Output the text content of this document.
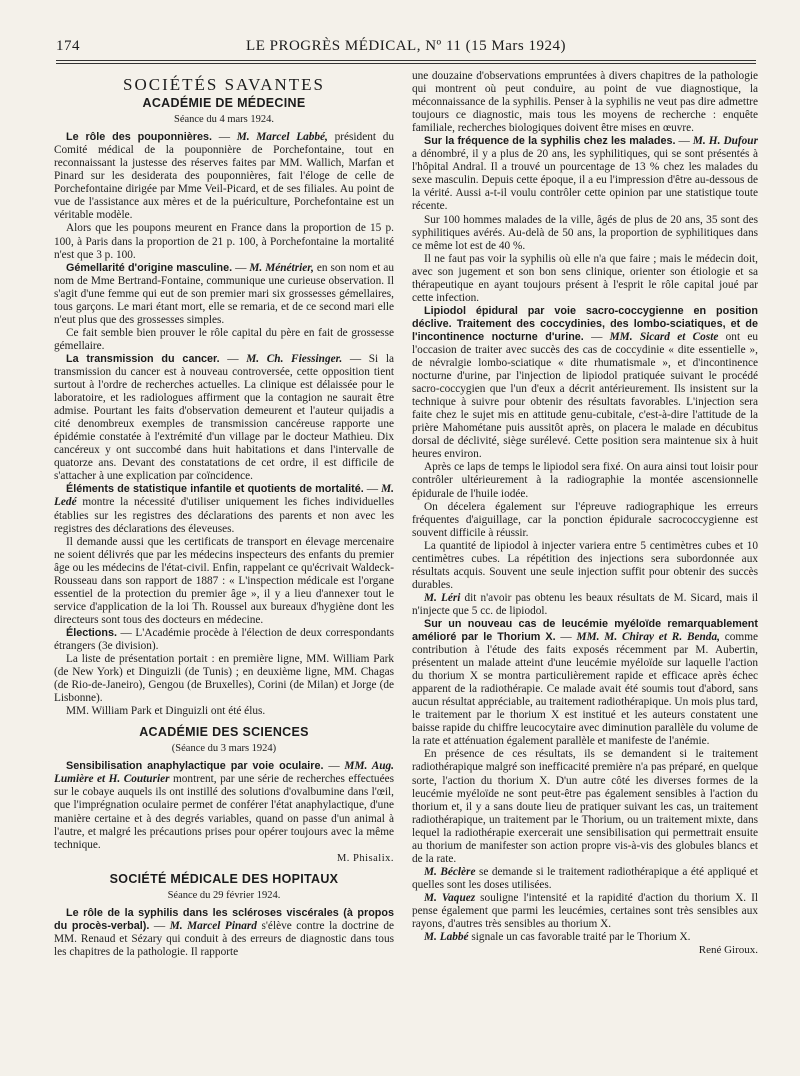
174	LE PROGRÈS MÉDICAL, Nº 11 (15 Mars 1924)
SOCIÉTÉS SAVANTES
ACADÉMIE DE MÉDECINE
Séance du 4 mars 1924.

Le rôle des pouponnières. — M. Marcel Labbé, président du Comité médical de la pouponnière de Porchefontaine, tout en reconnaissant la justesse des réserves faites par MM. Wallich, Marfan et Pinard sur les desiderata des pouponnières, fait l'éloge de celle de Porchefontaine dirigée par Mme Veil-Picard, et de ses filiales. Au point de vue de l'assistance aux mères et de la puériculture, Porchefontaine est un véritable modèle.

Alors que les poupons meurent en France dans la proportion de 15 p. 100, à Paris dans la proportion de 21 p. 100, à Porchefontaine la mortalité n'est que 3 p. 100.

Gémellarité d'origine masculine. — M. Ménétrier, en son nom et au nom de Mme Bertrand-Fontaine, communique une curieuse observation. Il s'agit d'une femme qui eut de son premier mari six grossesses gémellaires, tous garçons. Le mari étant mort, elle se remaria, et de ce second mari elle n'eut plus que des grossesses simples.

Ce fait semble bien prouver le rôle capital du père en fait de grossesse gémellaire.

La transmission du cancer. — M. Ch. Fiessinger. — Si la transmission du cancer est à nouveau controversée, cette opposition tient surtout à l'ordre de recherches actuelles. La clinique est délaissée pour le laboratoire, et les radiologues affirment que la contagion ne saurait être admise. Pourtant les faits d'observation demeurent et l'auteur quijadis a cité denombreux exemples de transmission cancéreuse rapporte une épidémie constatée à l'extrémité d'un village par le docteur Mathieu. Dix cancéreux y ont succombé dans huit habitations et dans l'intervalle de quatorze ans. Devant des constatations de cet ordre, il est difficile de s'attacher à une explication par coïncidence.

Éléments de statistique infantile et quotients de mortalité. — M. Ledé montre la nécessité d'utiliser uniquement les fiches individuelles établies sur les registres des déclarations des parents et non avec les registres des déclarations des éleveuses.

Il demande aussi que les certificats de transport en élevage mercenaire ne soient délivrés que par les médecins inspecteurs des enfants du premier âge ou les médecins de l'état-civil. Enfin, rappelant ce qu'écrivait Waldeck-Rousseau dans son rapport de 1887 : « L'inspection médicale est l'organe essentiel de la protection du premier âge », il y a lieu d'annexer tout le service d'application de la loi Th. Roussel aux bureaux d'hygiène dont les directeurs sont tous des docteurs en médecine.

Élections. — L'Académie procède à l'élection de deux correspondants étrangers (3e division).

La liste de présentation portait : en première ligne, MM. William Park (de New York) et Dinguizli (de Tunis) ; en deuxième ligne, MM. Chagas (de Rio-de-Janeiro), Gengou (de Bruxelles), Corini (de Milan) et Jorge (de Lisbonne).

MM. William Park et Dinguizli ont été élus.

ACADÉMIE DES SCIENCES
(Séance du 3 mars 1924)

Sensibilisation anaphylactique par voie oculaire. — MM. Aug. Lumière et H. Couturier montrent, par une série de recherches effectuées sur le cobaye auquels ils ont instillé des solutions d'ovalbumine dans l'œil, que l'imprégnation oculaire permet de conférer l'état anaphylactique, d'une manière certaine et à des degrés variables, quand on passe d'un animal à l'autre, et malgré les précautions prises pour opérer toujours avec la même technique.

M. Phisalix.
SOCIÉTÉ MÉDICALE DES HOPITAUX
Séance du 29 février 1924.

Le rôle de la syphilis dans les scléroses viscérales (à propos du procès-verbal). — M. Marcel Pinard s'élève contre la doctrine de MM. Renaud et Sézary qui conduit à des erreurs de diagnostic dans tous les chapitres de la pathologie. Il rapporte

une douzaine d'observations empruntées à divers chapitres de la pathologie qui montrent où peut conduire, au point de vue diagnostique, la méconnaissance de la syphilis. Penser à la syphilis ne veut pas dire admettre toujours ce diagnostic, mais tous les moyens de recherche : enquête familiale, recherches biologiques doivent être mises en œuvre.

Sur la fréquence de la syphilis chez les malades. — M. H. Dufour a dénombré, il y a plus de 20 ans, les syphilitiques, qui se sont présentés à l'hôpital Andral. Il a trouvé un pourcentage de 13 % chez les malades du sexe masculin. Depuis cette époque, il a eu l'impression d'être au-dessous de la vérité. Aussi a-t-il voulu contrôler cette opinion par une statistique toute récente.

Sur 100 hommes malades de la ville, âgés de plus de 20 ans, 35 sont des syphilitiques avérés. Au-delà de 50 ans, la proportion de syphilitiques dans ce même lot est de 40 %.

Il ne faut pas voir la syphilis où elle n'a que faire ; mais le médecin doit, avec son jugement et son bon sens clinique, orienter son étiologie et sa thérapeutique en ayant toujours présent à l'esprit le rôle capital joué par cette infection.

Lipiodol épidural par voie sacro-coccygienne en position déclive. Traitement des coccydinies, des lombo-sciatiques, et de l'incontinence nocturne d'urine. — MM. Sicard et Coste ont eu l'occasion de traiter avec succès des cas de coccydinie « dite essentielle », de névralgie lombo-sciatique « dite rhumatismale », et d'incontinence nocturne d'urine, par l'injection de lipiodol pratiquée suivant le procédé sacro-coccygien que l'un d'eux a décrit antérieurement. Ils insistent sur la technique à suivre pour obtenir des résultats favorables. L'injection sera faite chez le sujet mis en attitude genu-cubitale, c'est-à-dire l'attitude de la prière Mahométane puis aussitôt après, on placera le malade en décubitus dorsal de déclivité, siège surélevé. Cette position sera maintenue six à huit heures environ.

Après ce laps de temps le lipiodol sera fixé. On aura ainsi tout loisir pour contrôler ultérieurement à la radiographie la montée ascensionnelle épidurale de l'huile iodée.

On décelera également sur l'épreuve radiographique les erreurs fréquentes d'aiguillage, car la ponction épidurale sacrococcygienne est souvent difficile à réussir.

La quantité de lipiodol à injecter variera entre 5 centimètres cubes et 10 centimètres cubes. La répétition des injections sera subordonnée aux résultats acquis. Souvent une seule injection suffit pour obtenir des succès durables.

M. Léri dit n'avoir pas obtenu les beaux résultats de M. Sicard, mais il n'injecte que 5 cc. de lipiodol.

Sur un nouveau cas de leucémie myéloïde remarquablement amélioré par le Thorium X. — MM. M. Chiray et R. Benda, comme contribution à l'étude des faits exposés récemment par M. Aubertin, présentent un malade atteint d'une leucémie myéloïde sur laquelle l'action du thorium X se montra particulièrement rapide et efficace après échec apparent de la radiothérapie. Ce malade avait été soumis tout d'abord, sans aucun résultat appréciable, au traitement radiothérapique. Un mois plus tard, le traitement par le thorium X est institué et les auteurs constatent une baisse rapide du chiffre leucocytaire avec diminution parallèle du volume de la rate et atténuation également parallèle et manifeste de l'anémie.

En présence de ces résultats, ils se demandent si le traitement radiothérapique malgré son inefficacité première n'a pas préparé, en quelque sorte, l'action du thorium X. D'un autre côté les diverses formes de la leucémie myéloïde ne sont peut-être pas également sensibles à l'action du thorium et, il y a sans doute lieu de pratiquer suivant les cas, un traitement radiothérapique, un traitement par le Thorium, ou un traitement mixte, dans lequel la radiothérapie exercerait une sensibilisation qui permettrait ensuite au thorium de manifester son action propre vis-à-vis des globules blancs et de la rate.

M. Béclère se demande si le traitement radiothérapique a été appliqué et quelles sont les doses utilisées.

M. Vaquez souligne l'intensité et la rapidité d'action du thorium X. Il pense également que parmi les leucémies, certaines sont très sensibles aux rayons, d'autres très sensibles au thorium X.

M. Labbé signale un cas favorable traité par le Thorium X.

René Giroux.
